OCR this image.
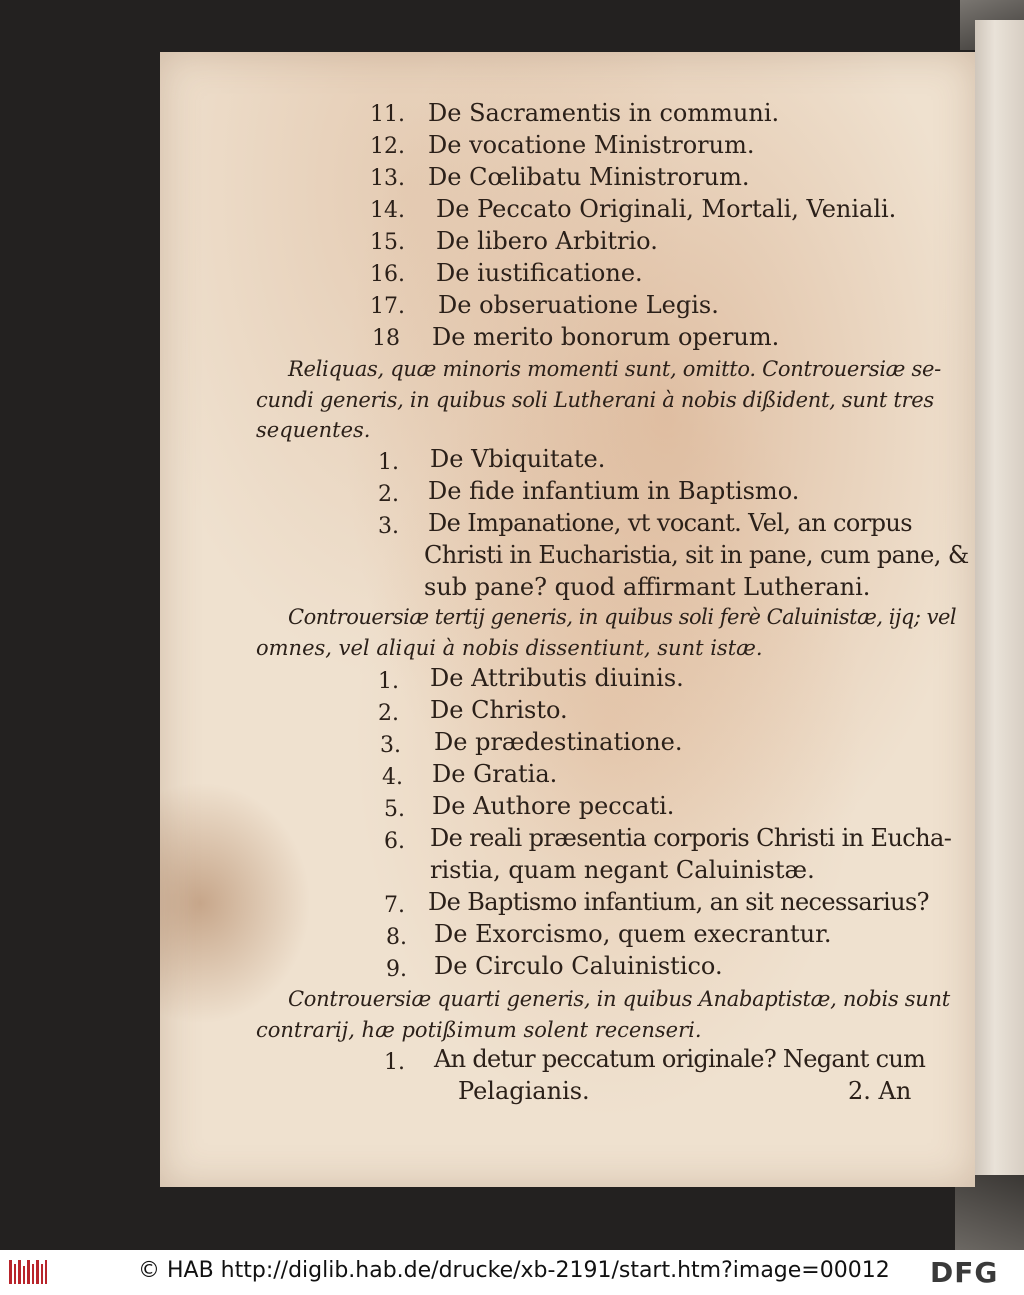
11. De Sacramentis in communi.
12. De vocatione Ministrorum.
13. De Cœlibatu Ministrorum.
14. De Peccato Originali, Mortali, Veniali.
15. De libero Arbitrio.
16. De iustificatione.
17. De obseruatione Legis.
18 De merito bonorum operum.
Reliquas, quæ minoris momenti sunt, omitto. Controuersiæ se-
cundi generis, in quibus soli Lutherani à nobis dißident, sunt tres
sequentes.
1. De Vbiquitate.
2. De fide infantium in Baptismo.
3. De Impanatione, vt vocant. Vel, an corpus
Christi in Eucharistia, sit in pane, cum pane, &
sub pane? quod affirmant Lutherani.
Controuersiæ tertij generis, in quibus soli ferè Caluinistæ, ijq; vel
omnes, vel aliqui à nobis dissentiunt, sunt istæ.
1. De Attributis diuinis.
2. De Christo.
3. De prædestinatione.
4. De Gratia.
5. De Authore peccati.
6. De reali præsentia corporis Christi in Eucha-
ristia, quam negant Caluinistæ.
7. De Baptismo infantium, an sit necessarius?
8. De Exorcismo, quem execrantur.
9. De Circulo Caluinistico.
Controuersiæ quarti generis, in quibus Anabaptistæ, nobis sunt
contrarij, hæ potißimum solent recenseri.
1. An detur peccatum originale? Negant cum
Pelagianis.	2. An
© HAB http://diglib.hab.de/drucke/xb-2191/start.htm?image=00012 DFG
